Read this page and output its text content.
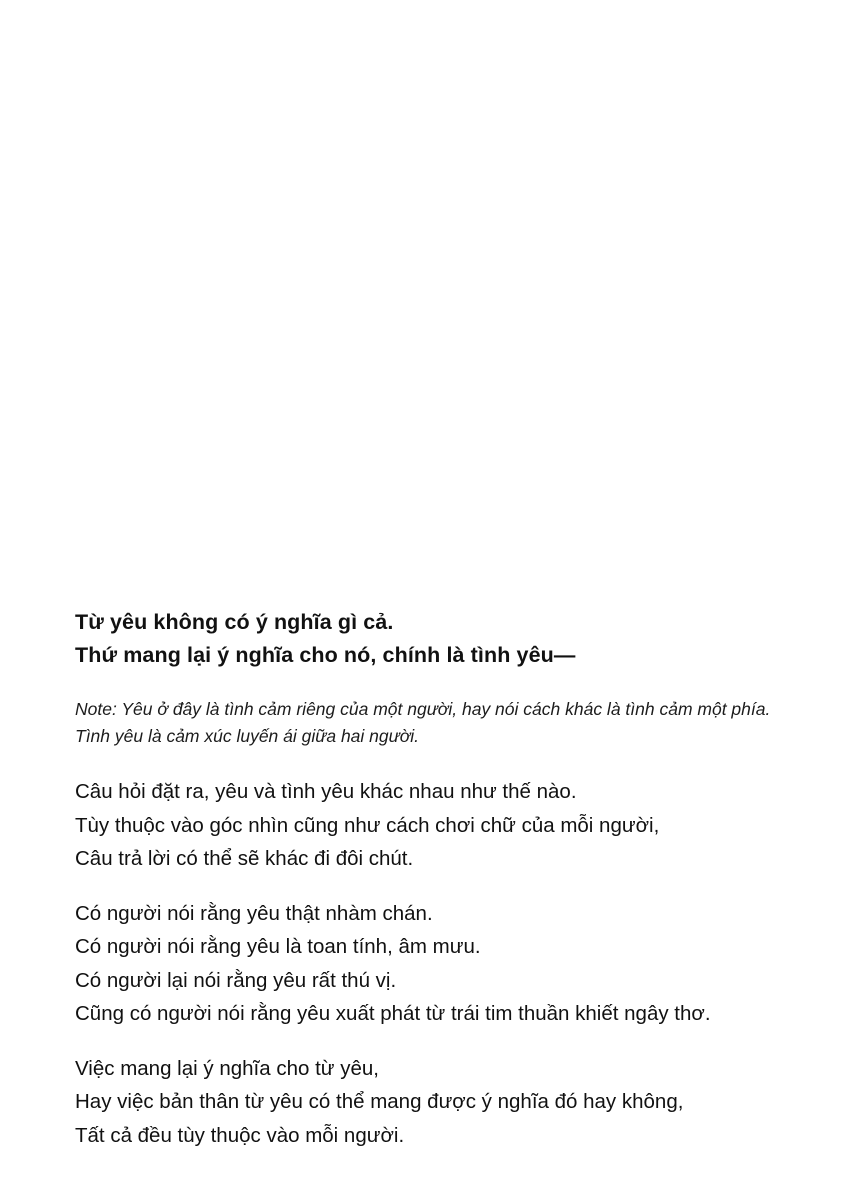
Từ yêu không có ý nghĩa gì cả.
Thứ mang lại ý nghĩa cho nó, chính là tình yêu—
Note: Yêu ở đây là tình cảm riêng của một người, hay nói cách khác là tình cảm một phía.
Tình yêu là cảm xúc luyến ái giữa hai người.
Câu hỏi đặt ra, yêu và tình yêu khác nhau như thế nào.
Tùy thuộc vào góc nhìn cũng như cách chơi chữ của mỗi người,
Câu trả lời có thể sẽ khác đi đôi chút.
Có người nói rằng yêu thật nhàm chán.
Có người nói rằng yêu là toan tính, âm mưu.
Có người lại nói rằng yêu rất thú vị.
Cũng có người nói rằng yêu xuất phát từ trái tim thuần khiết ngây thơ.
Việc mang lại ý nghĩa cho từ yêu,
Hay việc bản thân từ yêu có thể mang được ý nghĩa đó hay không,
Tất cả đều tùy thuộc vào mỗi người.
